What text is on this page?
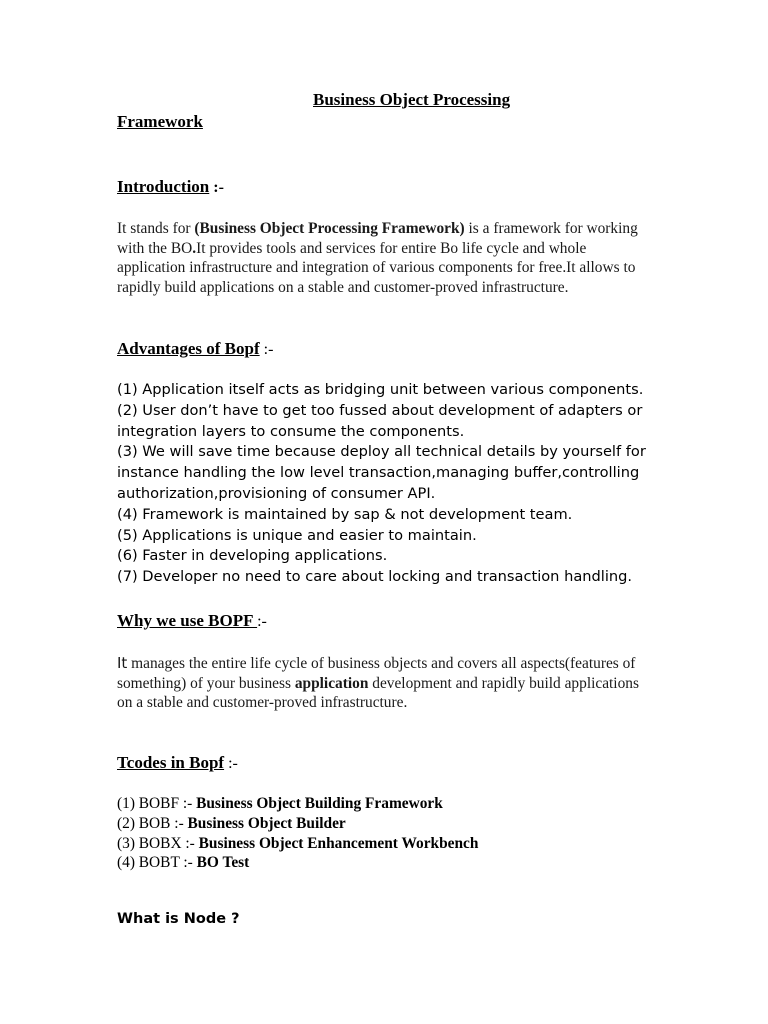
Business Object Processing
Framework
Introduction :-

It stands for (Business Object Processing Framework) is a framework for working with the BO.It provides tools and services for entire Bo life cycle and whole application infrastructure and integration of various components for free.It allows to rapidly build applications on a stable and customer-proved infrastructure.

Advantages of Bopf :-
(1) Application itself acts as bridging unit between various components.
(2) User don’t have to get too fussed about development of adapters or integration layers to consume the components.
(3) We will save time because deploy all technical details by yourself for instance handling the low level transaction,managing buffer,controlling authorization,provisioning of consumer API.
(4) Framework is maintained by sap & not development team.
(5) Applications is unique and easier to maintain.
(6) Faster in developing applications.
(7) Developer no need to care about locking and transaction handling.
Why we use BOPF :-

It manages the entire life cycle of business objects and covers all aspects(features of something) of your business application development and rapidly build applications on a stable and customer-proved infrastructure.

Tcodes in Bopf :-
(1) BOBF :- Business Object Building Framework
(2) BOB :- Business Object Builder
(3) BOBX :- Business Object Enhancement Workbench
(4) BOBT :- BO Test
What is Node ?
